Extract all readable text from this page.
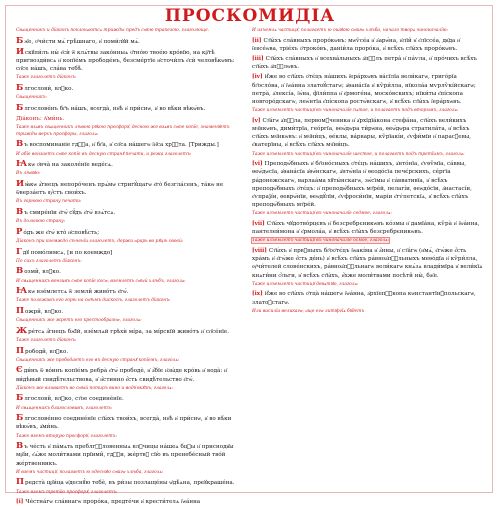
ПРОСКОМИДІА

Свѧщенникъ и дїаконъ поклонѧютсѧ трижды предъ ст҃ою трапезою, глаголюще.

Бж҃е, ѻ҆чи́сти мѧ̀ грѣ́шнаго, и҆ поми́лꙋй мѧ̀.

Искꙋпи́лъ ны̀ є҆сѝ ѿ клѧ́твы зако́нныѧ ч҃тнóю твое́ю кро́вїю, на кр҇тѣ̀ пригвозди́всѧ и҆ копїе́мъ прободе́нъ, безсме́ртїе и҆сточи́лъ є҆сѝ человѣ́кѡмъ: сп҃се на́шъ, сла́ва тебѣ̀.

Таже глаголетъ дїаконъ:

Блгослови́, влⷣко.

Свѧщенникъ:

Блгослове́нъ бг҃ъ на́шъ, всегда̀, нн҃ѣ и҆ при́снѡ, и҆ во вѣ́ки вѣкѡ́въ.

Дїа́конъ: А҆ми́нь.

Таже взѧвъ свѧщенникъ лѣвою рꙋкою просфорꙋ, десною же взѧвъ ст҃ое копїе, знаменꙋетъ трижды верхъ просфоры, глаголѧ:

Въ воспоминаніе гдⷭ҇а, и҆ бг҃а, и҆ сп҃са на́шегѡ і҆и҃са хрⷭ҇та. [Трижды.]

И абїе вонзаетъ ст҃ое копїе въ десную странꙋ печати, и режа глаголетъ:

Ꙗкѡ ѻ҆вча̀ на заколе́нїе веде́сѧ.

Въ лѣвꙋю:

Иꙗ́кѡ а҆́гнецъ непоро́ченъ прѧ́мѡ стригꙋ́щагѡ є҆го̀ безгла́сенъ, та́кѡ не ѿверза́етъ ᲂу҆́стъ свои́хъ.

Въ горнюю страну печати:

Въ смире́нїи є҆гѡ̀ сꙋ́дъ є҆гѡ̀ взѧ́тсѧ.

Въ дольнюю страну:

Ро́дъ же є҆гѡ̀ кто̀ и҆сповѣ́сть;

Дїаконъ при коемждо сѣченїи глаголетъ, держа ѻрарь во рꙋцѣ своей:

Гдꙋ помо́лимсѧ, [и по коемждо]

По сихъ глаголетъ дїаконъ:

Возми̑, влⷣко.

И свѧщенникъ вонзивъ ст҃ое копїе косѡ, вземлетъ ст҃ый хлѣбъ, глаголѧ:

Ꙗкѡ взе́млетсѧ ѿ земли̑ живо́тъ є҆гѡ̀.

Таже положивъ его горѣ на ст҃ѣмъ дискосѣ, глаголетъ дїаконъ:

Пожри̑, влⷣко.

Свѧщенникъ же жретъ его крестообразнѡ, глаголѧ:

Жре́тсѧ а҆́гнецъ бж҃їй, взе́млѧй грѣхѝ мі́ра, за мі́рскїй живо́тъ и҆ сп҃се́нїе.

Таже глаголетъ дїаконъ:

Прободи̑, влⷣко.

Свѧщенникъ же прободаетъ его въ десную странꙋ копїемъ, глаголѧ:

Єди́нъ ѿ во́инъ копїе́мъ ребра̀ є҆гѡ̀ прободѐ, и҆ а҆́бїе и҆зы́де кро́вь и҆ вода̀: и҆ ви́дѣвый свидѣ́тельствова, и҆ и҆́стинно є҆́сть свидѣ́тельство є҆гѡ̀.

Дїаконъ же вливаетъ во ст҃ый потиръ вино и водꙋ вкꙋпѣ, глаголѧ:

Блгослови̑, влⷣко, ст҃ое соедине́нїе.

И свѧщенникъ благословивъ, глаголетъ:

Блгослове́нно соедине́нїе ст҃ы́хъ твои́хъ, всегда̀, нн҃ѣ и҆ при́снѡ, и҆ во вѣ́ки вѣкѡ́въ, а҆ми́нь.

Таже вземъ вторую просфорꙋ, глаголетъ:

Въ че́сть и҆ па́мѧть преблгⷭ҇ловенныѧ влⷣчицы на́шеѧ бцⷣы и҆ приснодв҃ы мр҃і́и, є҆ѧ́же моли́твами прїими̑, гдⷭ҇и, же́ртвꙋ сїю̀ въ пренебе́сный тво́й же́ртвенникъ.

И вземъ частицꙋ, полагаетъ ю одеснꙋю ст҃агѡ хлѣба, глаголѧ:

Предста̀ цр҃и́ца ѡ҆деснꙋ́ю тебѐ, въ ри́зы позлаще́ны ѡ҆дѣ́ѧна, преꙋкраше́на.

Таже вземъ третїю просфорꙋ, глаголетъ:

[i] Че́стна́гѡ сла́внагѡ проро́ка, предте́чи и҆ крести́телѧ і҆ѡа́нна

И изъемлѧ частицꙋ, полагаетъ ю ошꙋюю ст҃агѡ хлѣба, начало творѧ чиноначалїю:

[ii] Ст҃ы́хъ сла́вныхъ проро́кѡвъ: мѡѷсе́а и҆ а҆арѡ́на, и҆лїи̑ и҆ є҆лїссе́а, дв҃да и҆ і҆еᲂсе́ѡва, тріе́хъ ѻ҆троко́въ, даніи́ла проро́ка, и҆ всѣ́хъ ст҃ы́хъ проро́кѡвъ.

[iii] Ст҃ы́хъ сла́вныхъ и҆ всехва́льныхъ а҆пⷭ҇лъ петра̀ и҆ па́ѵла, и҆ про́чихъ всѣ́хъ ст҃ы́хъ а҆пⷭ҇лѡвъ.

[iv] И҆́же во ст҃ы́хъ ѻ҆тє́цъ на́шихъ і҆ера́рхѡвъ ва́сїлїа вели́кагѡ, григо́рїа бг҃осло́ва, и҆ і҆ѡа́нна златоꙋ́стагѡ; а҆ѳана́сїа и҆ кѷри́лла, нїкола́а мѵрлѷкі́йскагѡ; петра̀, а҆лексі́а, і҆ѡ́на, фїли́ппа и҆ є҆рмоге́на, моско́вскихъ; нїки́ты є҆пі́скопа новгоро́дскагѡ, леѡ́нтїа є҆пі́скопа ростѡ́вскагѡ, и҆ всѣ́хъ ст҃ы́хъ і҆ера́рхѡвъ.

Таже изъемлетъ частицꙋ въ чиноначалїе пѧтое, и полагаетъ подъ вторымъ, глаголѧ:

[v] Ст҃а́гѡ а҆пⷭ҇ла, первомꙋ́ченика и҆ а҆рхїдїа́кона стефа́на, ст҃ы́хъ вели́кихъ мч҃нкѡвъ, дими́трїа, гео́ргїа, ѳеѡ́дѡра ти́рѡна, ѳеѡ́дѡра стратила́та, и҆ всѣ́хъ ст҃ы́хъ мч҃нкѡвъ: и҆ мч҃ни́цъ, ѳе́клы, ва́рвары, кѷрїакі́и, є҆ѵфи́мїи и҆ парасꙋ́евы, є҆катерїны, и҆ всѣ́хъ ст҃ы́хъ мч҃ни́цъ.

Таже изъемлетъ частицꙋ въ чиноначалїе шестое, и полагаетъ подъ третїимъ, глаголѧ:

[vi] Преподѡ́бныхъ и҆ бг҃оно́сныхъ ѻ҆тє́цъ на́шихъ, а҆нто́нїа, є҆ѵѳѷмїа, са́ввы, ѳеѡ́дѡсїа, а҆ѳана́сїа а҆ѳѡ́нскагѡ, а҆нтѡ́нїа и҆ ѳеодо́сїа печє́рскихъ, се́ргїа ра́донежскагѡ, варлаа́ма хꙋты́нскагѡ, зѡ́сїмы и҆ са́ввативїа, и҆ всѣ́хъ преподѡ́бныхъ ѻ҆тє́цъ: и҆ преподѡ́бныхъ мт҃ре́й, пелагі́и, ѳеѡдо́сїи, а҆настасі́и, є҆ѵпраѯі́и, ѳеврѡ́нїи, ѳеѡдꙋ́лїи, є҆ѵфроси́нїи, марі́и є҆гѵ́петскїѧ, и҆ всѣ́хъ ст҃ы́хъ преподѡ́бныхъ мт҃ре́й.

Таже изъемлетъ частицꙋ въ чиноначалїе седмое, глаголѧ:

[vii] Ст҃ы́хъ чꙋдотво́рцєвъ и҆ безсребрєникѡвъ ко́змы и҆ дамїа́на, кѷра̀ и҆ і҆ѡа́нна, пантелеи́мона и҆ є҆рмола́а, и҆ всѣ́хъ ст҃ы́хъ безсребрєникѡвъ.

Таже изъемлетъ частицꙋ въ чиноначалїе осмое, глаголѧ:

[viii] Ст҃ы́хъ и҆ првⷣныхъ бг҃оѻ҆тє́цъ і҆ѡакі́ма и҆ а҆́нны, и҆ ст҃а́гѡ (и҆мѧ̀, є҆гѡ́же є҆́сть хра́мъ и҆ є҆гѡ́же є҆́сть де́нь) и҆ всѣ́хъ ст҃ы́хъ ра́вноа҆пⷭ҇льныхъ меѳо́дїа и҆ кѷри́лла, ѹ҆чи́телей слове́нскихъ, ра́вноа҆пⷭ҇льнагѡ вели́кагѡ кнѧ́зѧ влади́мїра и҆ вели́кїѧ кнѧги́ни ѻ҆́льги, и҆ всѣ́хъ ст҃ы́хъ, и҆̀хже моли́твами посѣти̑ ны̀, бж҃е.

Таже изъемлетъ частицꙋ девѧтꙋю, глаголѧ:

[ix] И҆́же во ст҃ы́хъ ѻ҆тца̀ на́шегѡ і҆ѡа́нна, а҆рхїепⷭ҇копа кѡнстантїнꙋ́польскагѡ, златоꙋ́стагѡ.

Или василїа великагѡ, а҆ще егѡ литꙋргїѧ бꙋдетъ
